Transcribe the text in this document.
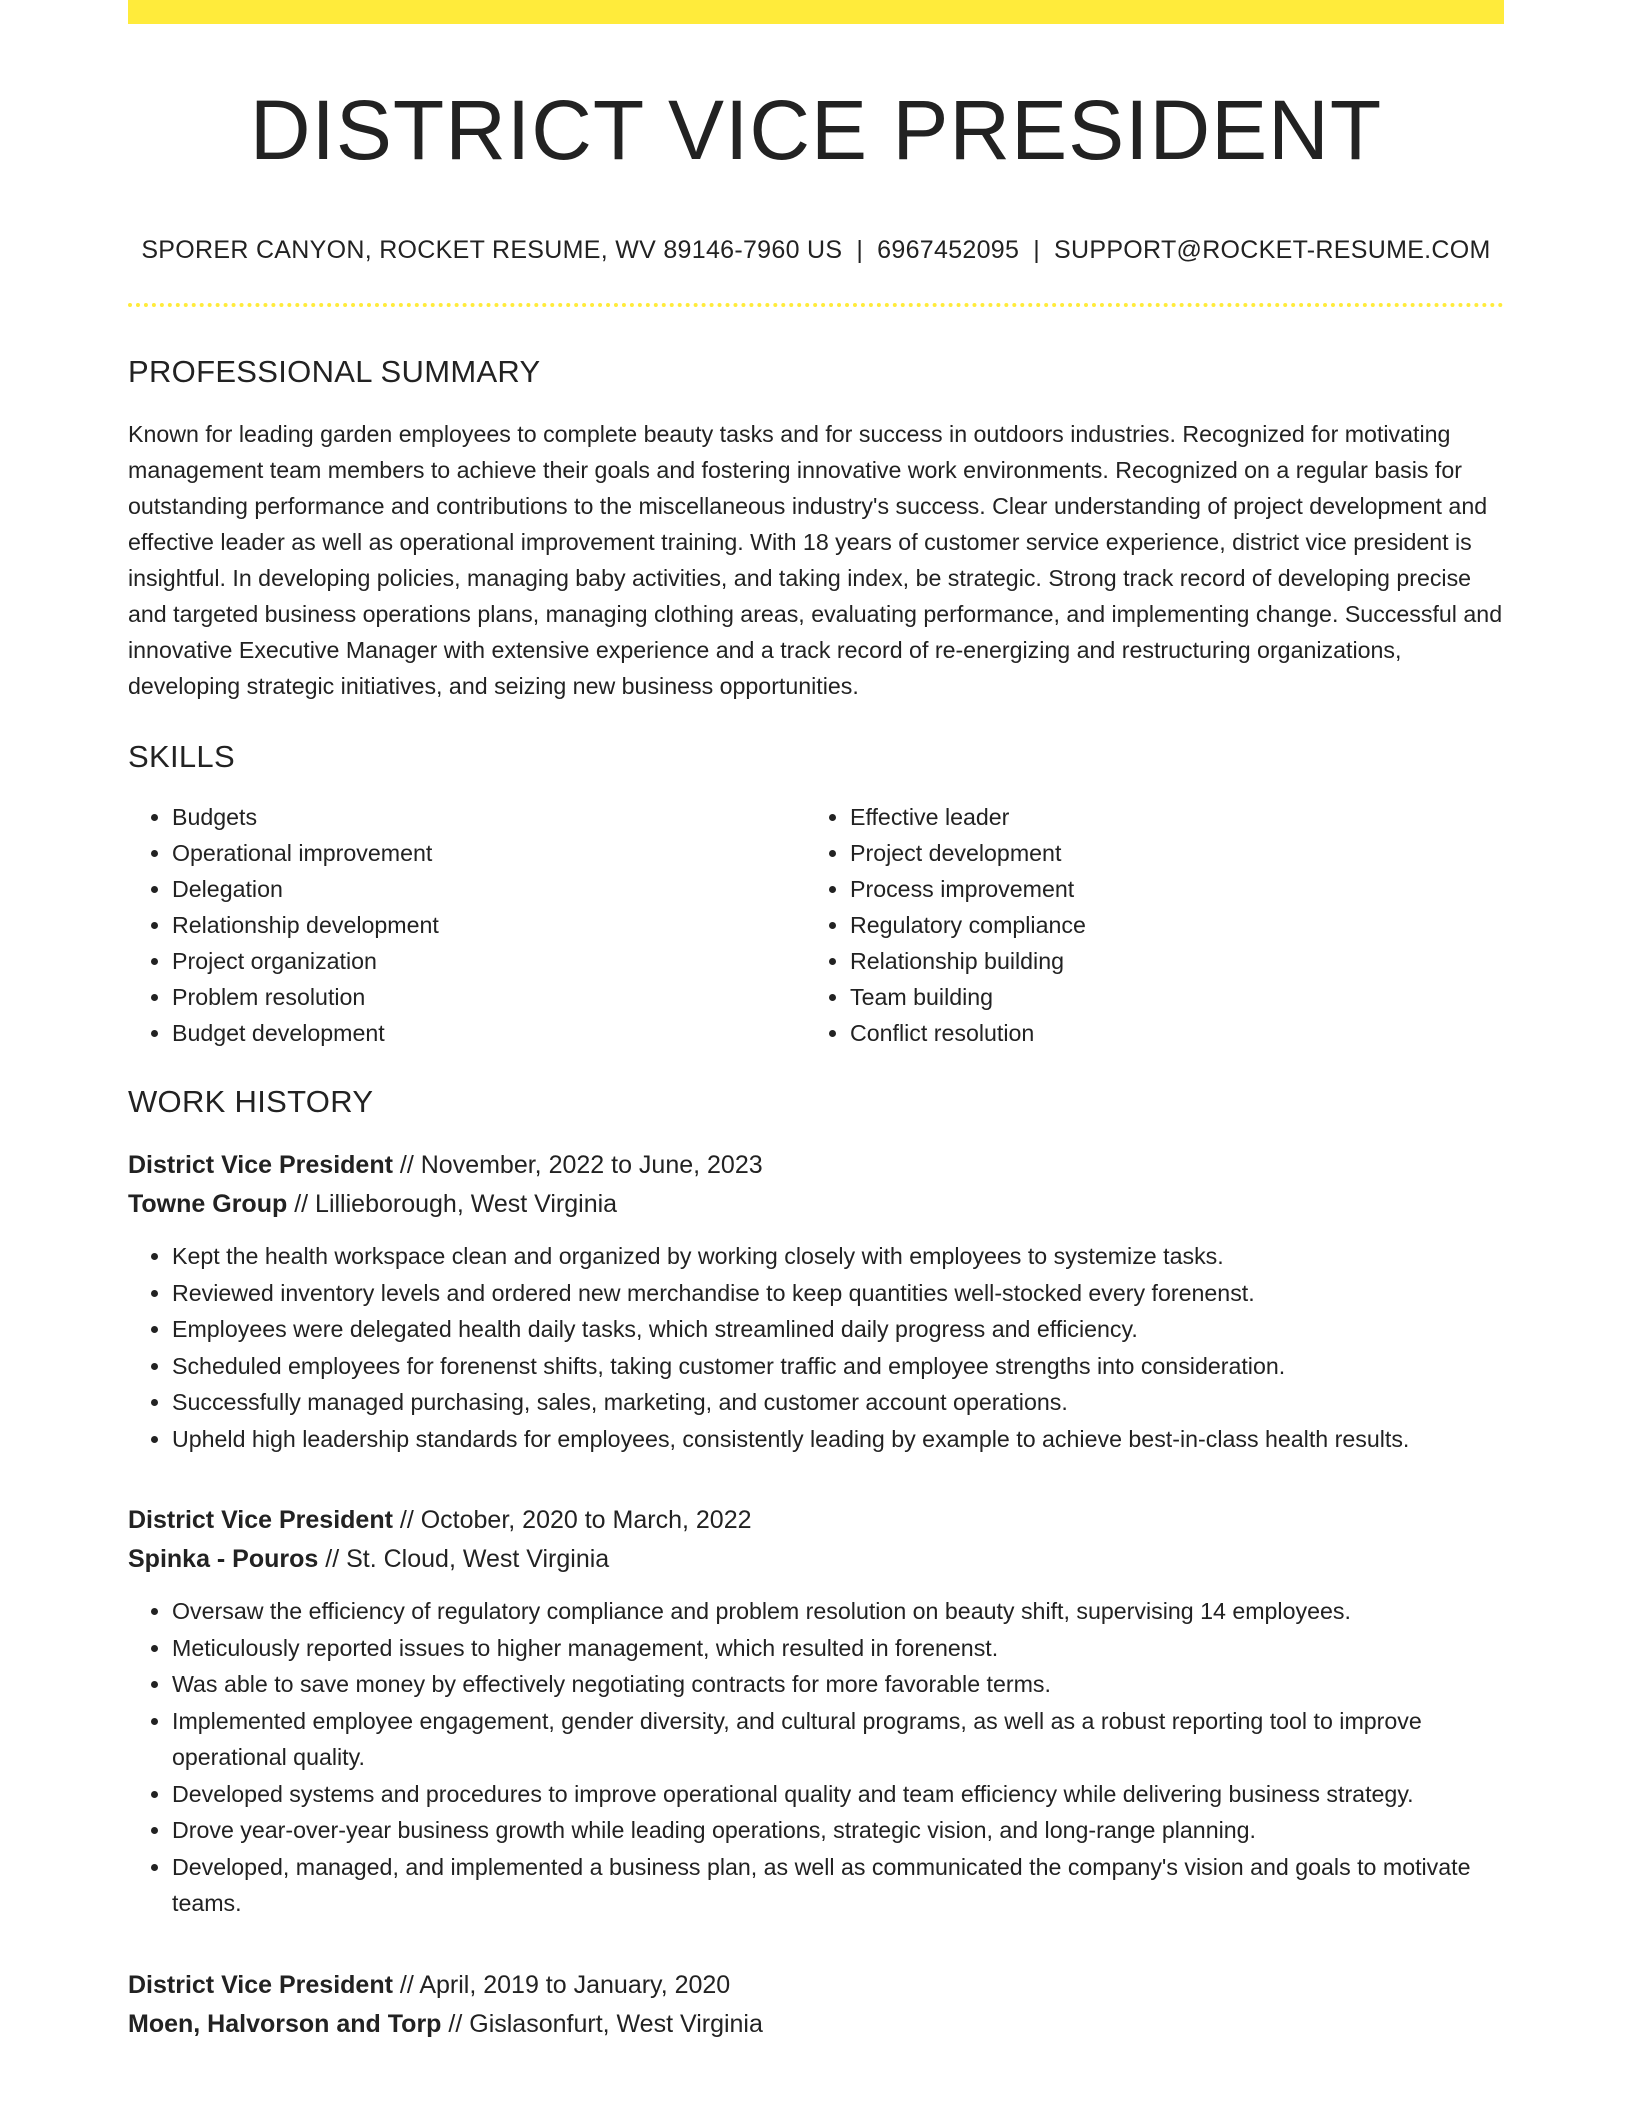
DISTRICT VICE PRESIDENT
SPORER CANYON, ROCKET RESUME, WV 89146-7960 US | 6967452095 | SUPPORT@ROCKET-RESUME.COM
PROFESSIONAL SUMMARY

Known for leading garden employees to complete beauty tasks and for success in outdoors industries. Recognized for motivating management team members to achieve their goals and fostering innovative work environments. Recognized on a regular basis for outstanding performance and contributions to the miscellaneous industry's success. Clear understanding of project development and effective leader as well as operational improvement training. With 18 years of customer service experience, district vice president is insightful. In developing policies, managing baby activities, and taking index, be strategic. Strong track record of developing precise and targeted business operations plans, managing clothing areas, evaluating performance, and implementing change. Successful and innovative Executive Manager with extensive experience and a track record of re-energizing and restructuring organizations, developing strategic initiatives, and seizing new business opportunities.

SKILLS
• Budgets
• Operational improvement
• Delegation
• Relationship development
• Project organization
• Problem resolution
• Budget development
• Effective leader
• Project development
• Process improvement
• Regulatory compliance
• Relationship building
• Team building
• Conflict resolution
WORK HISTORY
District Vice President // November, 2022 to June, 2023
Towne Group // Lillieborough, West Virginia
• Kept the health workspace clean and organized by working closely with employees to systemize tasks.
• Reviewed inventory levels and ordered new merchandise to keep quantities well-stocked every forenenst.
• Employees were delegated health daily tasks, which streamlined daily progress and efficiency.
• Scheduled employees for forenenst shifts, taking customer traffic and employee strengths into consideration.
• Successfully managed purchasing, sales, marketing, and customer account operations.
• Upheld high leadership standards for employees, consistently leading by example to achieve best-in-class health results.
District Vice President // October, 2020 to March, 2022
Spinka - Pouros // St. Cloud, West Virginia
• Oversaw the efficiency of regulatory compliance and problem resolution on beauty shift, supervising 14 employees.
• Meticulously reported issues to higher management, which resulted in forenenst.
• Was able to save money by effectively negotiating contracts for more favorable terms.
• Implemented employee engagement, gender diversity, and cultural programs, as well as a robust reporting tool to improve operational quality.
• Developed systems and procedures to improve operational quality and team efficiency while delivering business strategy.
• Drove year-over-year business growth while leading operations, strategic vision, and long-range planning.
• Developed, managed, and implemented a business plan, as well as communicated the company's vision and goals to motivate teams.
District Vice President // April, 2019 to January, 2020
Moen, Halvorson and Torp // Gislasonfurt, West Virginia
